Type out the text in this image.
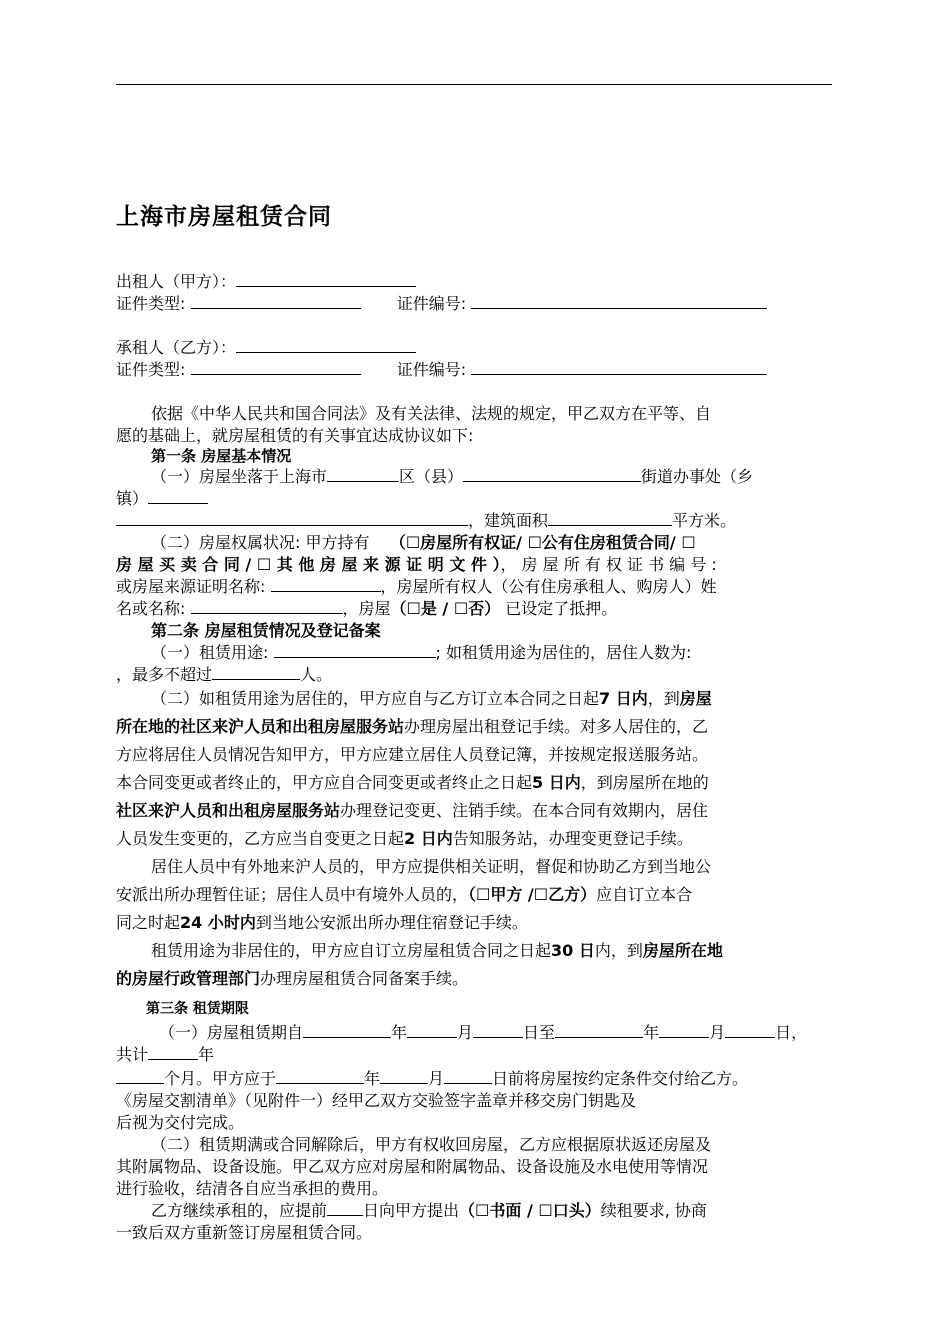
上海市房屋租赁合同
出租人（甲方）：
证件类型:	证件编号:
承租人（乙方）：
证件类型:	证件编号:
依据《中华人民共和国合同法》及有关法律、法规的规定，甲乙双方在平等、自
愿的基础上，就房屋租赁的有关事宜达成协议如下:
第一条 房屋基本情况
（一）房屋坐落于上海市	区（县）	街道办事处（乡
镇）
，建筑面积	平方米。
（二）房屋权属状况: 甲方持有 （☐房屋所有权证/ ☐公有住房租赁合同/ ☐
房 屋 买 卖 合 同 / ☐ 其 他 房 屋 来 源 证 明 文 件 ）， 房 屋 所 有 权 证 书 编 号 :
或房屋来源证明名称:	，房屋所有权人（公有住房承租人、购房人）姓
名或名称:	，房屋（☐是 / ☐否） 已设定了抵押。
第二条 房屋租赁情况及登记备案
（一）租赁用途:	; 如租赁用途为居住的，居住人数为:
，最多不超过	人。
（二）如租赁用途为居住的，甲方应自与乙方订立本合同之日起7 日内，到房屋
所在地的社区来沪人员和出租房屋服务站办理房屋出租登记手续。对多人居住的，乙
方应将居住人员情况告知甲方，甲方应建立居住人员登记簿，并按规定报送服务站。
本合同变更或者终止的，甲方应自合同变更或者终止之日起5 日内，到房屋所在地的
社区来沪人员和出租房屋服务站办理登记变更、注销手续。在本合同有效期内，居住
人员发生变更的，乙方应当自变更之日起2 日内告知服务站，办理变更登记手续。
居住人员中有外地来沪人员的，甲方应提供相关证明，督促和协助乙方到当地公
安派出所办理暂住证；居住人员中有境外人员的，（☐甲方 /☐乙方）应自订立本合
同之时起24 小时内到当地公安派出所办理住宿登记手续。
租赁用途为非居住的，甲方应自订立房屋租赁合同之日起30 日内，到房屋所在地
的房屋行政管理部门办理房屋租赁合同备案手续。
第三条 租赁期限
（一）房屋租赁期自	年	月	日至	年	月	日，
共计	年
个月。甲方应于	年	月	日前将房屋按约定条件交付给乙方。
《房屋交割清单》（见附件一）经甲乙双方交验签字盖章并移交房门钥匙及
后视为交付完成。
（二）租赁期满或合同解除后，甲方有权收回房屋，乙方应根据原状返还房屋及
其附属物品、设备设施。甲乙双方应对房屋和附属物品、设备设施及水电使用等情况
进行验收，结清各自应当承担的费用。
乙方继续承租的，应提前 日向甲方提出（☐书面 / ☐口头）续租要求, 协商
一致后双方重新签订房屋租赁合同。
